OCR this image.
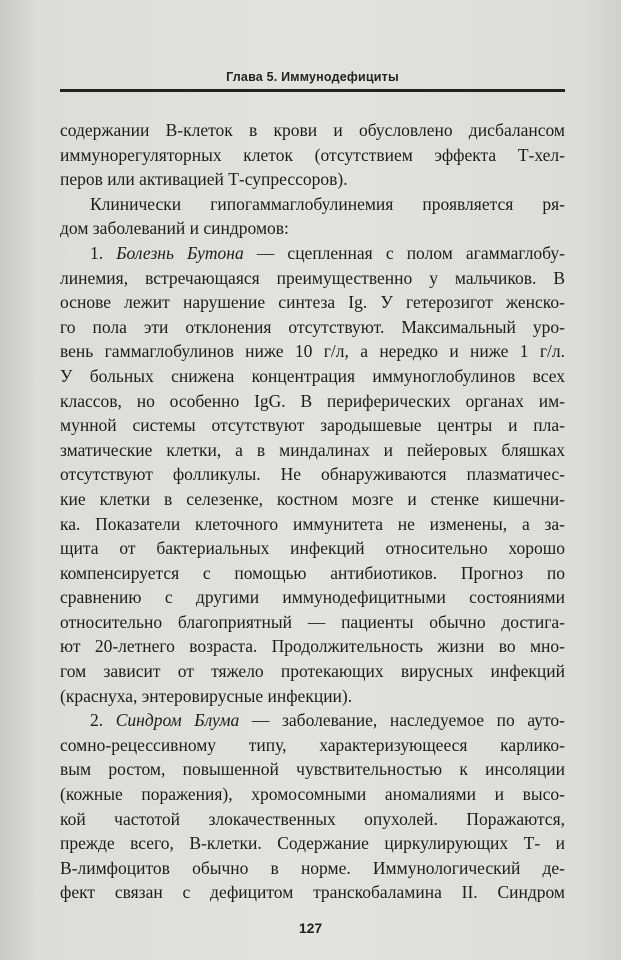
Глава 5. Иммунодефициты
содержании В-клеток в крови и обусловлено дисбалансом
иммунорегуляторных клеток (отсутствием эффекта Т-хел-
перов или активацией Т-супрессоров).
Клинически гипогаммаглобулинемия проявляется ря-
дом заболеваний и синдромов:
1. Болезнь Бутона — сцепленная с полом агаммаглобу-
линемия, встречающаяся преимущественно у мальчиков. В
основе лежит нарушение синтеза Ig. У гетерозигот женско-
го пола эти отклонения отсутствуют. Максимальный уро-
вень гаммаглобулинов ниже 10 г/л, а нередко и ниже 1 г/л.
У больных снижена концентрация иммуноглобулинов всех
классов, но особенно IgG. В периферических органах им-
мунной системы отсутствуют зародышевые центры и пла-
зматические клетки, а в миндалинах и пейеровых бляшках
отсутствуют фолликулы. Не обнаруживаются плазматичес-
кие клетки в селезенке, костном мозге и стенке кишечни-
ка. Показатели клеточного иммунитета не изменены, а за-
щита от бактериальных инфекций относительно хорошо
компенсируется с помощью антибиотиков. Прогноз по
сравнению с другими иммунодефицитными состояниями
относительно благоприятный — пациенты обычно достига-
ют 20-летнего возраста. Продолжительность жизни во мно-
гом зависит от тяжело протекающих вирусных инфекций
(краснуха, энтеровирусные инфекции).
2. Синдром Блума — заболевание, наследуемое по ауто-
сомно-рецессивному типу, характеризующееся карлико-
вым ростом, повышенной чувствительностью к инсоляции
(кожные поражения), хромосомными аномалиями и высо-
кой частотой злокачественных опухолей. Поражаются,
прежде всего, В-клетки. Содержание циркулирующих Т- и
В-лимфоцитов обычно в норме. Иммунологический де-
фект связан с дефицитом транскобаламина II. Синдром
127
